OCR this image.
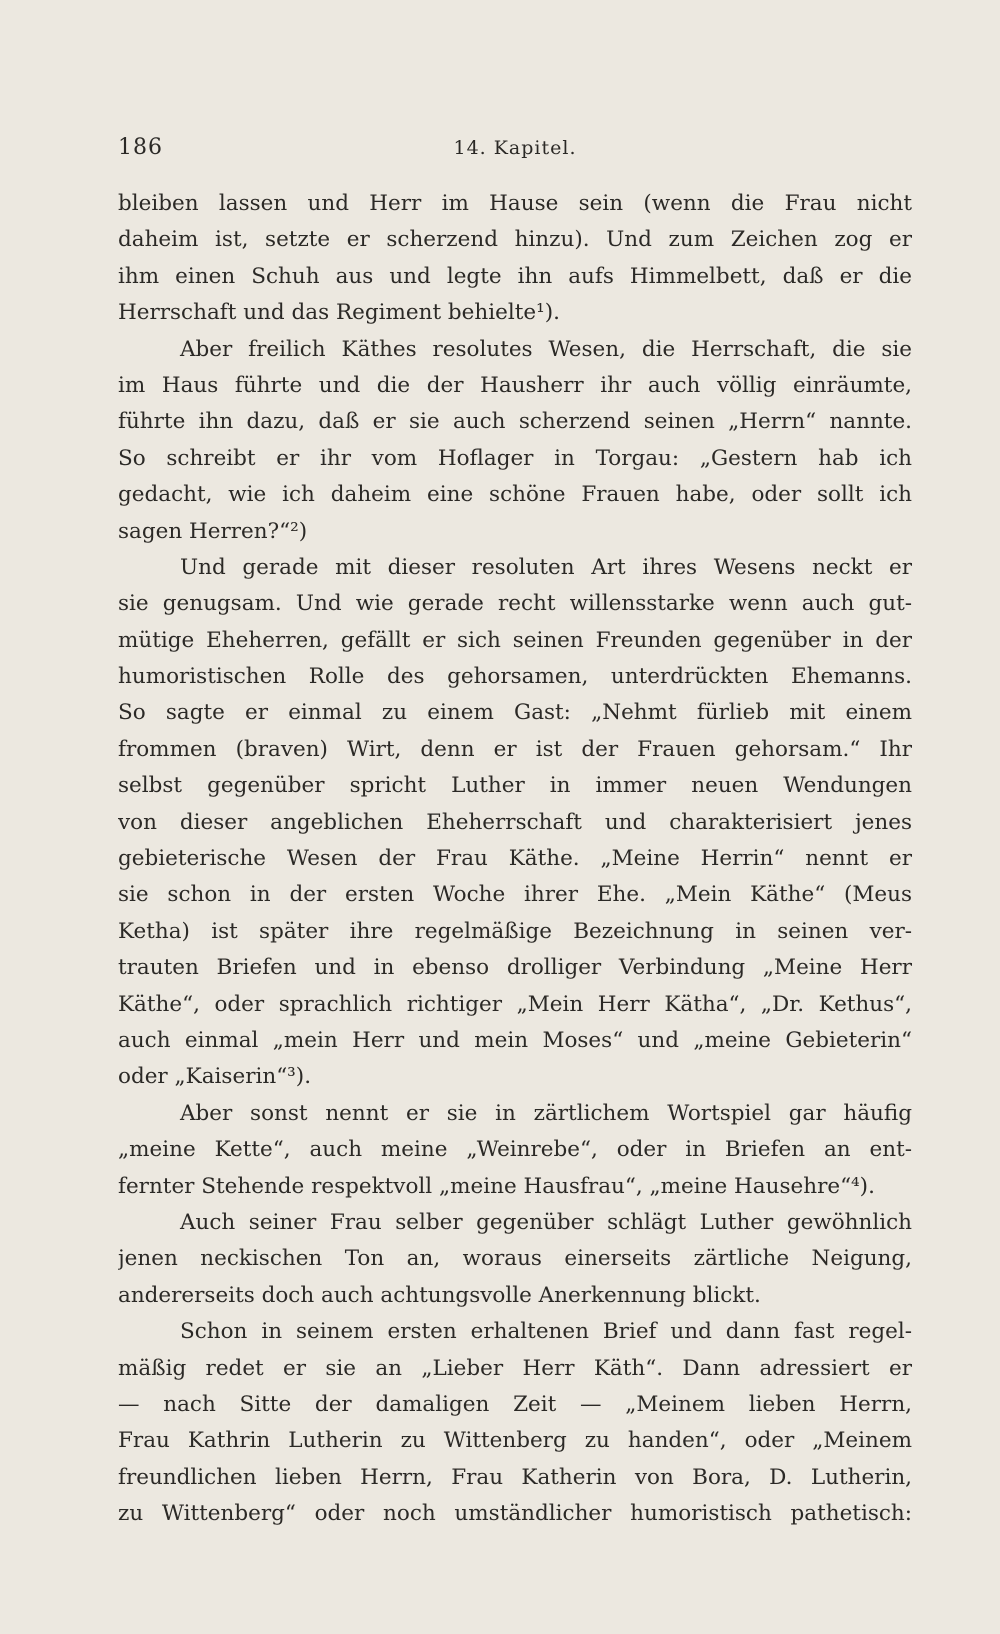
186	14. Kapitel.
bleiben lassen und Herr im Hause sein (wenn die Frau nicht
daheim ist, setzte er scherzend hinzu). Und zum Zeichen zog er
ihm einen Schuh aus und legte ihn aufs Himmelbett, daß er die
Herrschaft und das Regiment behielte¹).
Aber freilich Käthes resolutes Wesen, die Herrschaft, die sie
im Haus führte und die der Hausherr ihr auch völlig einräumte,
führte ihn dazu, daß er sie auch scherzend seinen „Herrn“ nannte.
So schreibt er ihr vom Hoflager in Torgau: „Gestern hab ich
gedacht, wie ich daheim eine schöne Frauen habe, oder sollt ich
sagen Herren?“²)
Und gerade mit dieser resoluten Art ihres Wesens neckt er
sie genugsam. Und wie gerade recht willensstarke wenn auch gut-
mütige Eheherren, gefällt er sich seinen Freunden gegenüber in der
humoristischen Rolle des gehorsamen, unterdrückten Ehemanns.
So sagte er einmal zu einem Gast: „Nehmt fürlieb mit einem
frommen (braven) Wirt, denn er ist der Frauen gehorsam.“ Ihr
selbst gegenüber spricht Luther in immer neuen Wendungen
von dieser angeblichen Eheherrschaft und charakterisiert jenes
gebieterische Wesen der Frau Käthe. „Meine Herrin“ nennt er
sie schon in der ersten Woche ihrer Ehe. „Mein Käthe“ (Meus
Ketha) ist später ihre regelmäßige Bezeichnung in seinen ver-
trauten Briefen und in ebenso drolliger Verbindung „Meine Herr
Käthe“, oder sprachlich richtiger „Mein Herr Kätha“, „Dr. Kethus“,
auch einmal „mein Herr und mein Moses“ und „meine Gebieterin“
oder „Kaiserin“³).
Aber sonst nennt er sie in zärtlichem Wortspiel gar häufig
„meine Kette“, auch meine „Weinrebe“, oder in Briefen an ent-
fernter Stehende respektvoll „meine Hausfrau“, „meine Hausehre“⁴).
Auch seiner Frau selber gegenüber schlägt Luther gewöhnlich
jenen neckischen Ton an, woraus einerseits zärtliche Neigung,
andererseits doch auch achtungsvolle Anerkennung blickt.
Schon in seinem ersten erhaltenen Brief und dann fast regel-
mäßig redet er sie an „Lieber Herr Käth“. Dann adressiert er
— nach Sitte der damaligen Zeit — „Meinem lieben Herrn,
Frau Kathrin Lutherin zu Wittenberg zu handen“, oder „Meinem
freundlichen lieben Herrn, Frau Katherin von Bora, D. Lutherin,
zu Wittenberg“ oder noch umständlicher humoristisch pathetisch:
